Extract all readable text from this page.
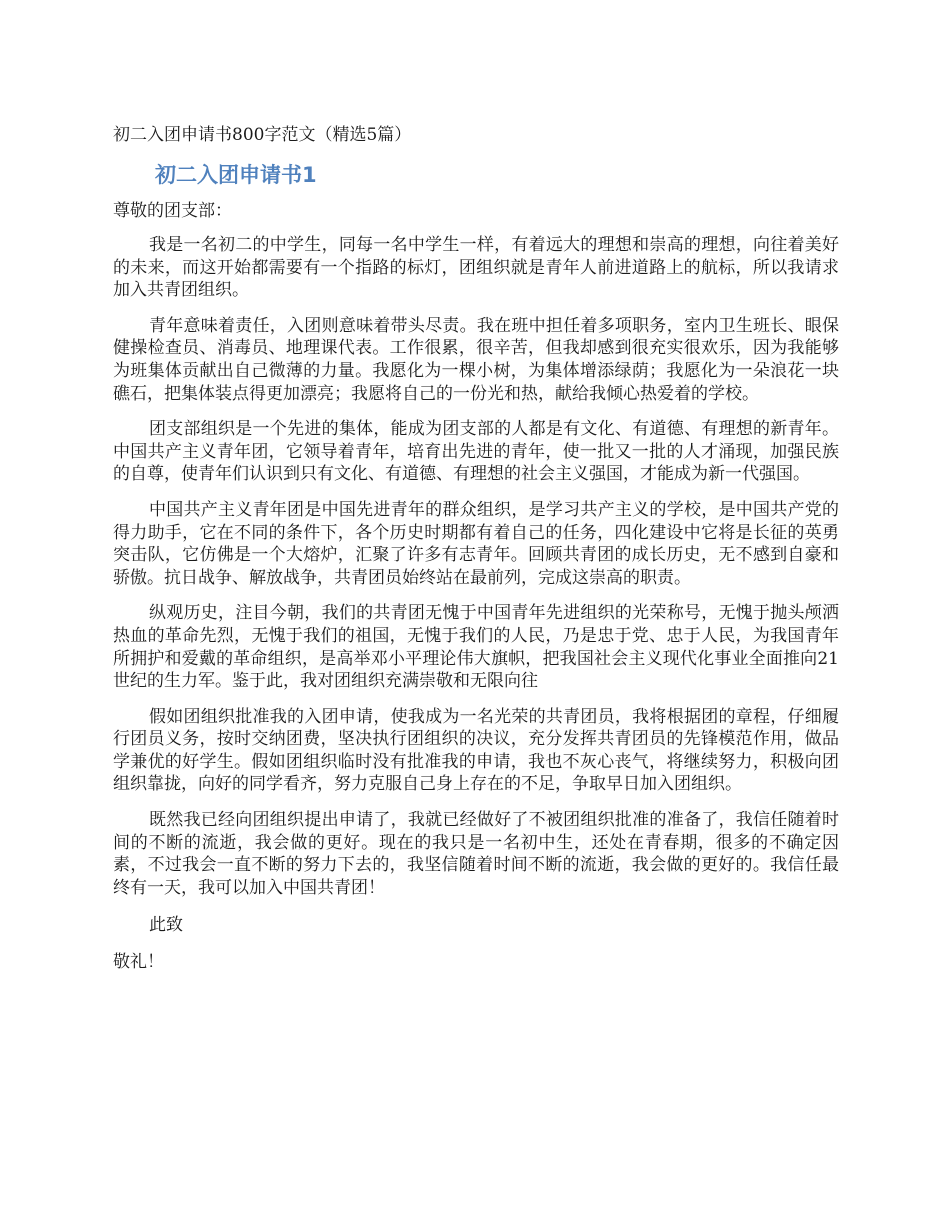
初二入团申请书800字范文（精选5篇）
初二入团申请书1
尊敬的团支部：

我是一名初二的中学生，同每一名中学生一样，有着远大的理想和崇高的理想，向往着美好的未来，而这开始都需要有一个指路的标灯，团组织就是青年人前进道路上的航标，所以我请求加入共青团组织。

青年意味着责任，入团则意味着带头尽责。我在班中担任着多项职务，室内卫生班长、眼保健操检查员、消毒员、地理课代表。工作很累，很辛苦，但我却感到很充实很欢乐，因为我能够为班集体贡献出自己微薄的力量。我愿化为一棵小树，为集体增添绿荫；我愿化为一朵浪花一块礁石，把集体装点得更加漂亮；我愿将自己的一份光和热，献给我倾心热爱着的学校。

团支部组织是一个先进的集体，能成为团支部的人都是有文化、有道德、有理想的新青年。中国共产主义青年团，它领导着青年，培育出先进的青年，使一批又一批的人才涌现，加强民族的自尊，使青年们认识到只有文化、有道德、有理想的社会主义强国，才能成为新一代强国。

中国共产主义青年团是中国先进青年的群众组织，是学习共产主义的学校，是中国共产党的得力助手，它在不同的条件下，各个历史时期都有着自己的任务，四化建设中它将是长征的英勇突击队，它仿佛是一个大熔炉，汇聚了许多有志青年。回顾共青团的成长历史，无不感到自豪和骄傲。抗日战争、解放战争，共青团员始终站在最前列，完成这崇高的职责。

纵观历史，注目今朝，我们的共青团无愧于中国青年先进组织的光荣称号，无愧于抛头颅洒热血的革命先烈，无愧于我们的祖国，无愧于我们的人民，乃是忠于党、忠于人民，为我国青年所拥护和爱戴的革命组织，是高举邓小平理论伟大旗帜，把我国社会主义现代化事业全面推向21世纪的生力军。鉴于此，我对团组织充满崇敬和无限向往

假如团组织批准我的入团申请，使我成为一名光荣的共青团员，我将根据团的章程，仔细履行团员义务，按时交纳团费，坚决执行团组织的决议，充分发挥共青团员的先锋模范作用，做品学兼优的好学生。假如团组织临时没有批准我的申请，我也不灰心丧气，将继续努力，积极向团组织靠拢，向好的同学看齐，努力克服自己身上存在的不足，争取早日加入团组织。

既然我已经向团组织提出申请了，我就已经做好了不被团组织批准的准备了，我信任随着时间的不断的流逝，我会做的更好。现在的我只是一名初中生，还处在青春期，很多的不确定因素，不过我会一直不断的努力下去的，我坚信随着时间不断的流逝，我会做的更好的。我信任最终有一天，我可以加入中国共青团！

此致
敬礼！
